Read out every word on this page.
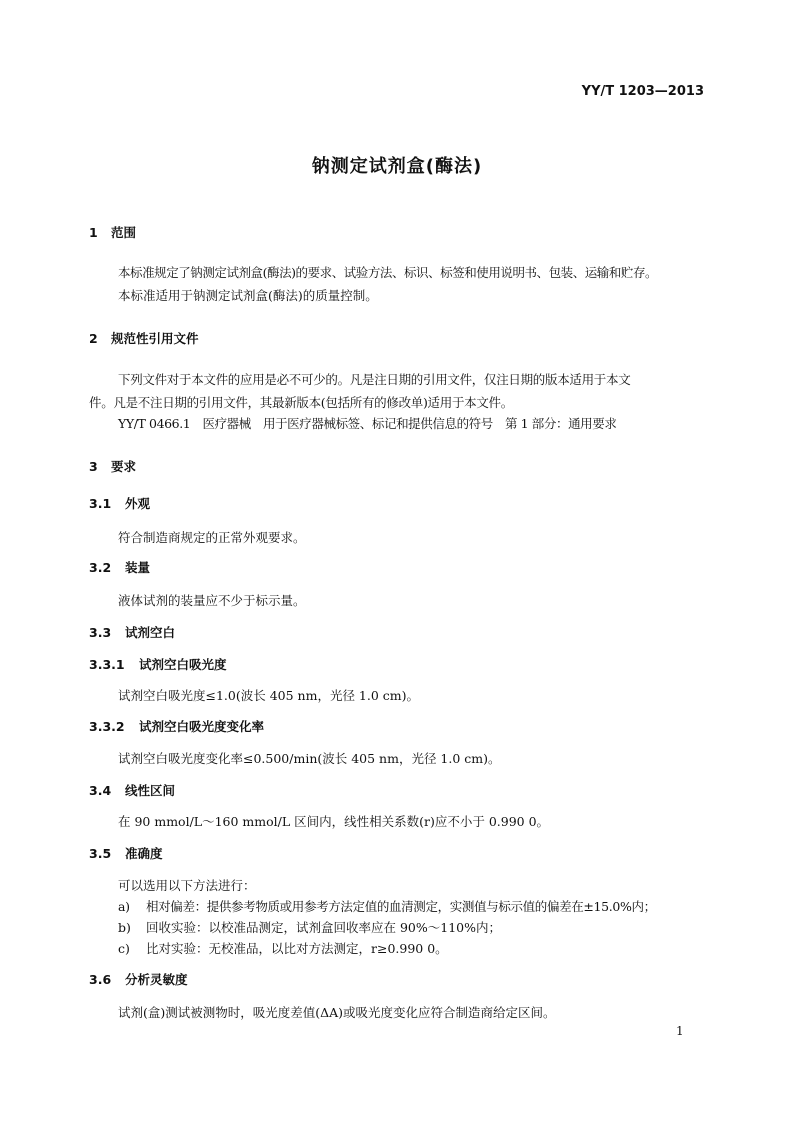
YY/T 1203—2013
钠测定试剂盒(酶法)
1 范围
本标准规定了钠测定试剂盒(酶法)的要求、试验方法、标识、标签和使用说明书、包装、运输和贮存。
本标准适用于钠测定试剂盒(酶法)的质量控制。
2 规范性引用文件
下列文件对于本文件的应用是必不可少的。凡是注日期的引用文件，仅注日期的版本适用于本文
件。凡是不注日期的引用文件，其最新版本(包括所有的修改单)适用于本文件。
YY/T 0466.1　医疗器械　用于医疗器械标签、标记和提供信息的符号　第 1 部分：通用要求
3 要求
3.1 外观
符合制造商规定的正常外观要求。
3.2 装量
液体试剂的装量应不少于标示量。
3.3 试剂空白
3.3.1 试剂空白吸光度
试剂空白吸光度≤1.0(波长 405 nm，光径 1.0 cm)。
3.3.2 试剂空白吸光度变化率
试剂空白吸光度变化率≤0.500/min(波长 405 nm，光径 1.0 cm)。
3.4 线性区间
在 90 mmol/L～160 mmol/L 区间内，线性相关系数(r)应不小于 0.990 0。
3.5 准确度
可以选用以下方法进行：
a) 相对偏差：提供参考物质或用参考方法定值的血清测定，实测值与标示值的偏差在±15.0%内；
b) 回收实验：以校准品测定，试剂盒回收率应在 90%～110%内；
c) 比对实验：无校准品，以比对方法测定，r≥0.990 0。
3.6 分析灵敏度
试剂(盒)测试被测物时，吸光度差值(ΔA)或吸光度变化应符合制造商给定区间。
1
